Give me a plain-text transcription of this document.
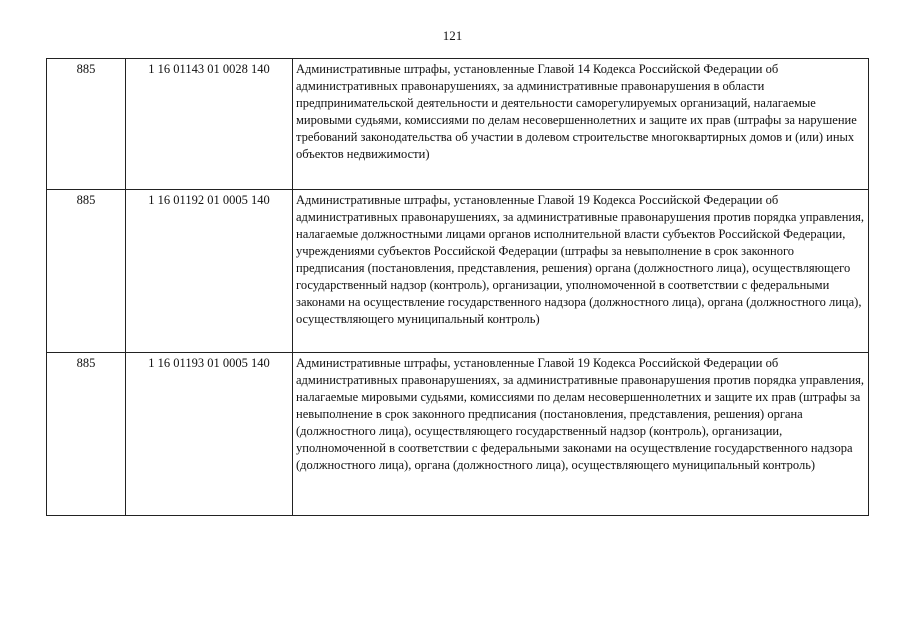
121
885	1 16 01143 01 0028 140	Административные штрафы, установленные Главой 14 Кодекса Российской Федерации об административных правонарушениях, за административные правонарушения в области предпринимательской деятельности и деятельности саморегулируемых организаций, налагаемые мировыми судьями, комиссиями по делам несовершеннолетних и защите их прав (штрафы за нарушение требований законодательства об участии в долевом строительстве многоквартирных домов и (или) иных объектов недвижимости)
885	1 16 01192 01 0005 140	Административные штрафы, установленные Главой 19 Кодекса Российской Федерации об административных правонарушениях, за административные правонарушения против порядка управления, налагаемые должностными лицами органов исполнительной власти субъектов Российской Федерации, учреждениями субъектов Российской Федерации (штрафы за невыполнение в срок законного предписания (постановления, представления, решения) органа (должностного лица), осуществляющего государственный надзор (контроль), организации, уполномоченной в соответствии с федеральными законами на осуществление государственного надзора (должностного лица), органа (должностного лица), осуществляющего муниципальный контроль)
885	1 16 01193 01 0005 140	Административные штрафы, установленные Главой 19 Кодекса Российской Федерации об административных правонарушениях, за административные правонарушения против порядка управления, налагаемые мировыми судьями, комиссиями по делам несовершеннолетних и защите их прав (штрафы за невыполнение в срок законного предписания (постановления, представления, решения) органа (должностного лица), осуществляющего государственный надзор (контроль), организации, уполномоченной в соответствии с федеральными законами на осуществление государственного надзора (должностного лица), органа (должностного лица), осуществляющего муниципальный контроль)
